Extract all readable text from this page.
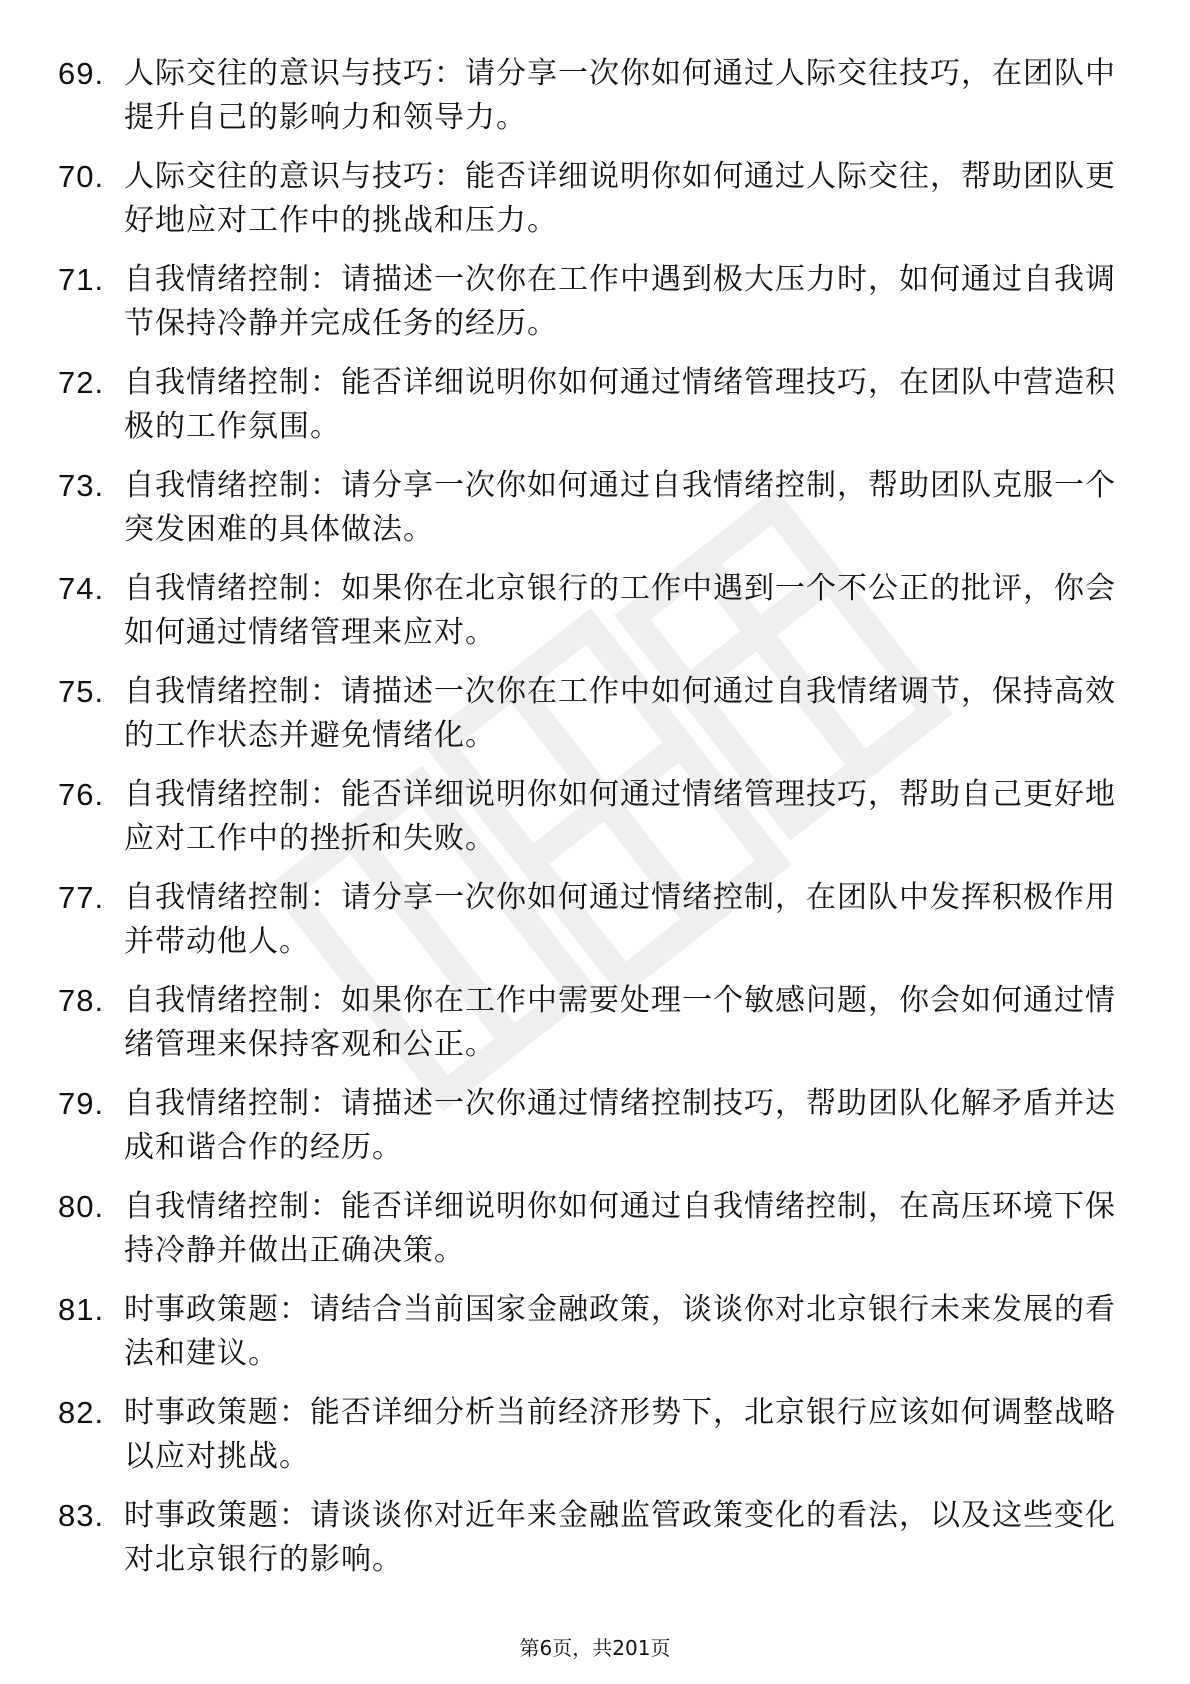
69. 人际交往的意识与技巧：请分享一次你如何通过人际交往技巧，在团队中提升自己的影响力和领导力。
70. 人际交往的意识与技巧：能否详细说明你如何通过人际交往，帮助团队更好地应对工作中的挑战和压力。
71. 自我情绪控制：请描述一次你在工作中遇到极大压力时，如何通过自我调节保持冷静并完成任务的经历。
72. 自我情绪控制：能否详细说明你如何通过情绪管理技巧，在团队中营造积极的工作氛围。
73. 自我情绪控制：请分享一次你如何通过自我情绪控制，帮助团队克服一个突发困难的具体做法。
74. 自我情绪控制：如果你在北京银行的工作中遇到一个不公正的批评，你会如何通过情绪管理来应对。
75. 自我情绪控制：请描述一次你在工作中如何通过自我情绪调节，保持高效的工作状态并避免情绪化。
76. 自我情绪控制：能否详细说明你如何通过情绪管理技巧，帮助自己更好地应对工作中的挫折和失败。
77. 自我情绪控制：请分享一次你如何通过情绪控制，在团队中发挥积极作用并带动他人。
78. 自我情绪控制：如果你在工作中需要处理一个敏感问题，你会如何通过情绪管理来保持客观和公正。
79. 自我情绪控制：请描述一次你通过情绪控制技巧，帮助团队化解矛盾并达成和谐合作的经历。
80. 自我情绪控制：能否详细说明你如何通过自我情绪控制，在高压环境下保持冷静并做出正确决策。
81. 时事政策题：请结合当前国家金融政策，谈谈你对北京银行未来发展的看法和建议。
82. 时事政策题：能否详细分析当前经济形势下，北京银行应该如何调整战略以应对挑战。
83. 时事政策题：请谈谈你对近年来金融监管政策变化的看法，以及这些变化对北京银行的影响。
第6页，共201页
